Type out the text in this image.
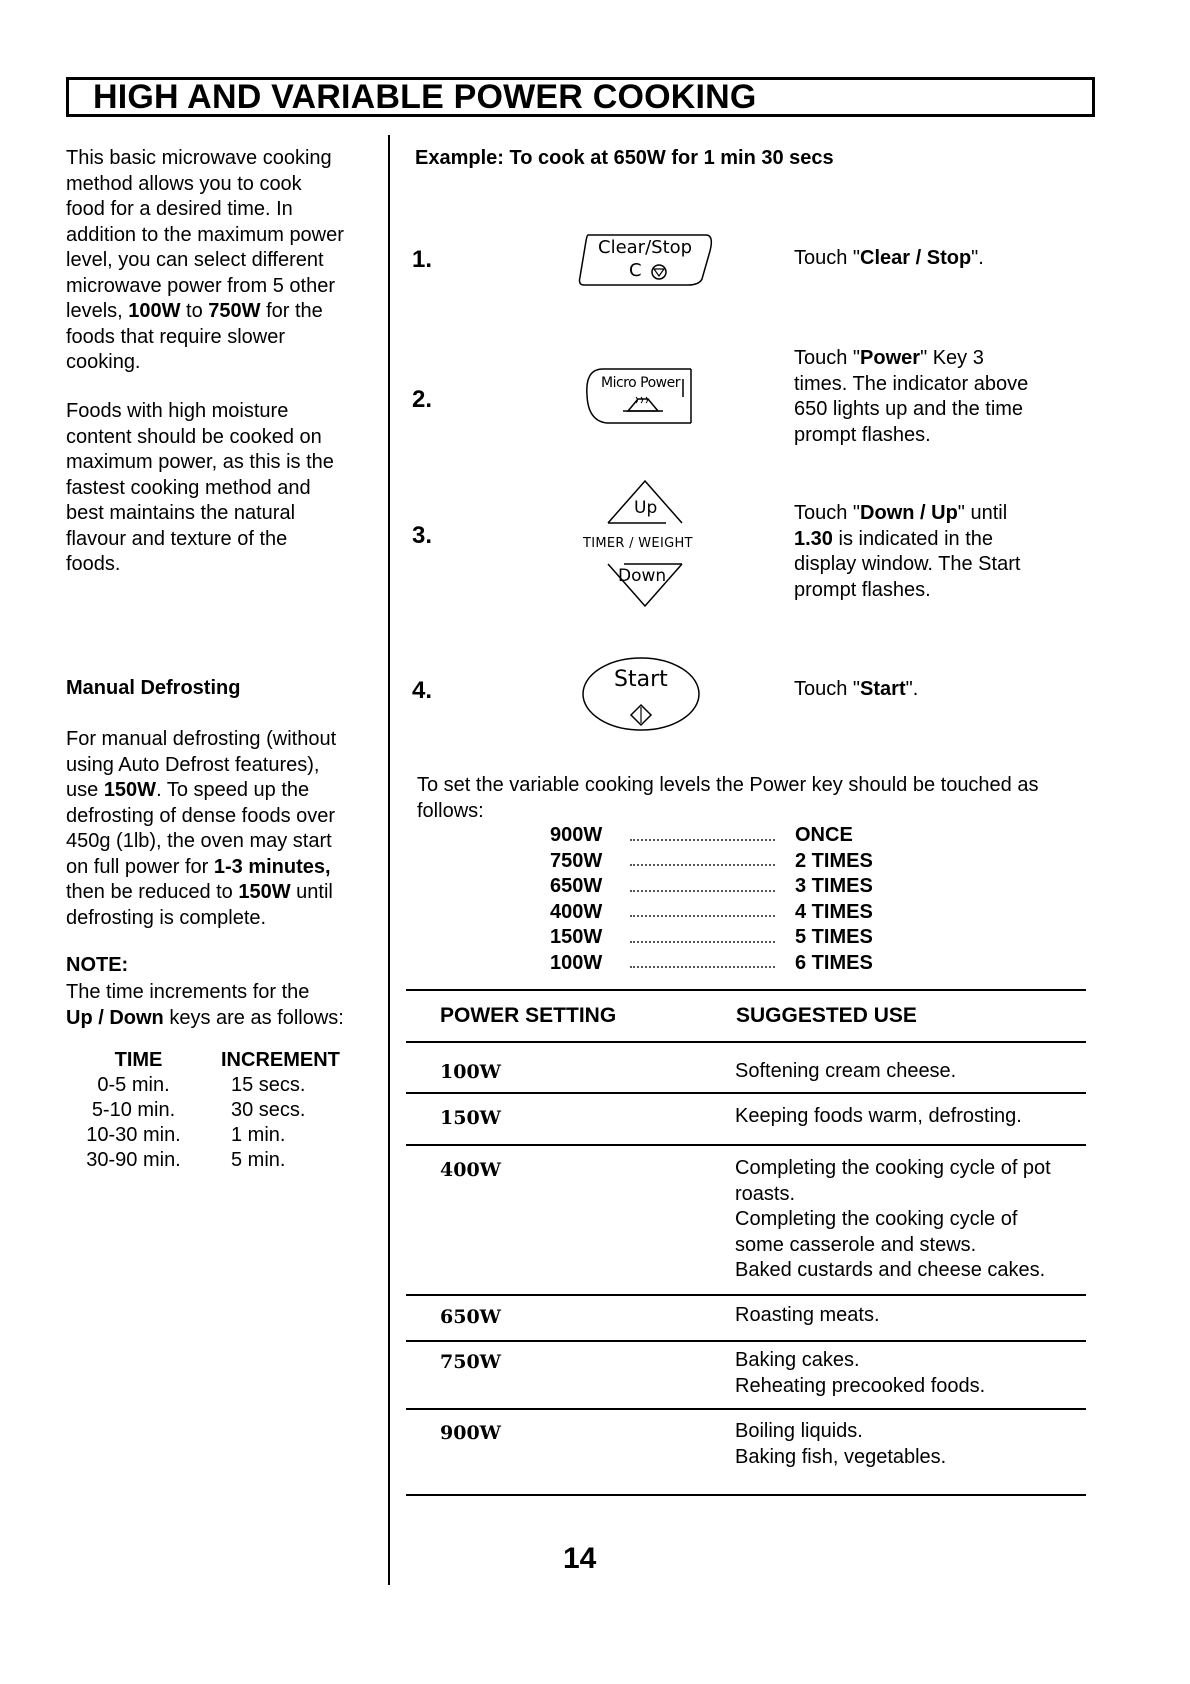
HIGH AND VARIABLE POWER COOKING
This basic microwave cooking
method allows you to cook
food for a desired time. In
addition to the maximum power
level, you can select different
microwave power from 5 other
levels, 100W to 750W for the
foods that require slower
cooking.
Foods with high moisture
content should be cooked on
maximum power, as this is the
fastest cooking method and
best maintains the natural
flavour and texture of the
foods.
Manual Defrosting
For manual defrosting (without
using Auto Defrost features),
use 150W. To speed up the
defrosting of dense foods over
450g (1lb), the oven may start
on full power for 1-3 minutes,
then be reduced to 150W until
defrosting is complete.
NOTE:
The time increments for the
Up / Down keys are as follows:
TIME	INCREMENT
0-5 min.	15 secs.
5-10 min.	30 secs.
10-30 min.	1 min.
30-90 min.	5 min.
Example: To cook at 650W for 1 min 30 secs
1.	Clear/Stop
C
Touch "Clear / Stop".
2.
Micro Power
Touch "Power" Key 3
times. The indicator above
650 lights up and the time
prompt flashes.
3.
Up
TIMER / WEIGHT
Down
Touch "Down / Up" until
1.30 is indicated in the
display window. The Start
prompt flashes.
4.	Start	Touch "Start".
To set the variable cooking levels the Power key should be touched as
follows:
900W	ONCE
750W	2 TIMES
650W	3 TIMES
400W	4 TIMES
150W	5 TIMES
100W	6 TIMES
POWER SETTING	SUGGESTED USE
100W	Softening cream cheese.
150W	Keeping foods warm, defrosting.
400W	Completing the cooking cycle of pot
roasts.
Completing the cooking cycle of
some casserole and stews.
Baked custards and cheese cakes.
650W	Roasting meats.
750W	Baking cakes.
Reheating precooked foods.
900W	Boiling liquids.
Baking fish, vegetables.
14
